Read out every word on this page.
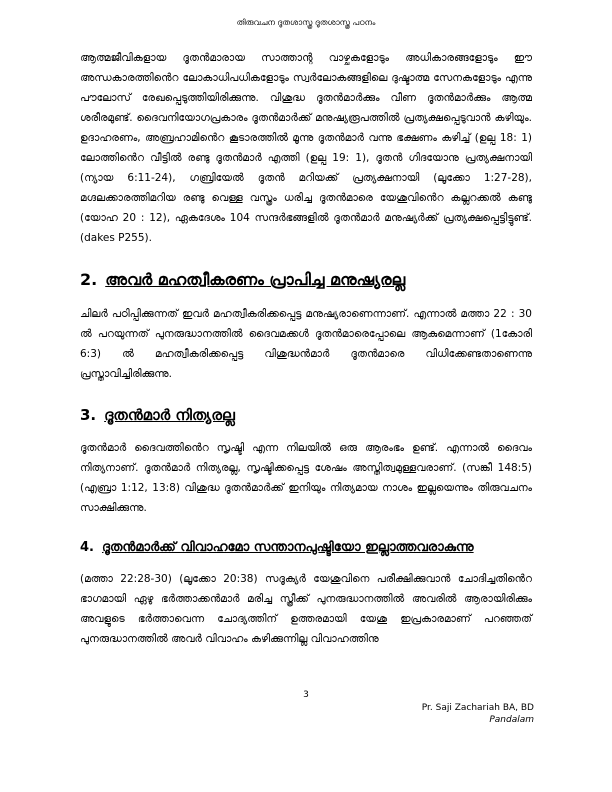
തിരുവചന ദൂതശാസ്ത്ര ദൂതശാസ്ത്ര പഠനം

ആത്മജീവികളായ ദൂതൻമാരായ സാത്താന്റ വാഴ്ചകളോടും അധികാരങ്ങളോടും ഈ അന്ധകാരത്തിൻെറ ലോകാധിപധികളോടും സ്വർലോകങ്ങളിലെ ദുഷ്ടാത്മ സേനകളോടും എന്നു പൗലോസ് രേഖപ്പെടുത്തിയിരിക്കുന്നു. വിശുദ്ധ ദൂതൻമാർക്കും വീണ ദൂതൻമാർക്കും ആത്മ ശരീരമുണ്ട്. ദൈവനിയോഗപ്രകാരം ദൂതൻമാർക്ക് മനുഷ്യരൂപത്തിൽ പ്രത്യക്ഷപ്പെടുവാൻ കഴിയും. ഉദാഹരണം, അബ്രഹാമിൻെറ കൂടാരത്തിൽ മൂന്നു ദൂതൻമാർ വന്നു ഭക്ഷണം കഴിച്ച് (ഉല്പ 18: 1) ലോത്തിൻെറ വീട്ടിൽ രണ്ടു ദൂതൻമാർ എത്തി (ഉല്പ 19: 1), ദൂതൻ ഗിദയോനു പ്രത്യക്ഷനായി (ന്യായ 6:11-24), ഗബ്രിയേൽ ദൂതൻ മറിയക്ക് പ്രത്യക്ഷനായി (ലൂക്കോ 1:27-28), മഗ്ദലക്കാരത്തിമറിയ രണ്ടു വെള്ള വസ്ത്രം ധരിച്ച ദൂതൻമാരെ യേശുവിൻെറ കല്ലറക്കൽ കണ്ടു (യോഹ 20 : 12), ഏകദേശം 104 സന്ദർഭങ്ങളിൽ ദൂതൻമാർ മനുഷ്യർക്ക് പ്രത്യക്ഷപ്പെട്ടിട്ടുണ്ട്. (dakes P255).

2. അവർ മഹത്വീകരണം പ്രാപിച്ച മനുഷ്യരല്ല

ചിലർ പഠിപ്പിക്കുന്നത് ഇവർ മഹത്വീകരിക്കപ്പെട്ട മനുഷ്യരാണെന്നാണ്. എന്നാൽ മത്താ 22 : 30 ൽ പറയുന്നത് പുനരുദ്ധാനത്തിൽ ദൈവമക്കൾ ദൂതൻമാരെപ്പോലെ ആകുമെന്നാണ് (1കോരി 6:3) ൽ മഹത്വീകരിക്കപ്പെട്ട വിശുദ്ധൻമാർ ദൂതൻമാരെ വിധിക്കേണ്ടതാണെന്നു പ്രസ്താവിച്ചിരിക്കുന്നു.

3. ദൂതൻമാർ നിത്യരല്ല

ദൂതൻമാർ ദൈവത്തിൻെറ സൃഷ്ടി എന്ന നിലയിൽ ഒരു ആരംഭം ഉണ്ട്. എന്നാൽ ദൈവം നിത്യനാണ്. ദൂതൻമാർ നിത്യരല്ല, സൃഷ്ടിക്കപ്പെട്ട ശേഷം അസ്തിത്വമുള്ളവരാണ്. (സങ്കീ 148:5) (എബ്രാ 1:12, 13:8) വിശുദ്ധ ദൂതൻമാർക്ക് ഇനിയും നിത്യമായ നാശം ഇല്ലയെന്നും തിരുവചനം സാക്ഷിക്കുന്നു.

4. ദൂതൻമാർക്ക് വിവാഹമോ സന്താനപുഷ്ടിയോ ഇല്ലാത്തവരാകുന്നു

(മത്താ 22:28-30) (ലൂക്കോ 20:38) സദൂക്യർ യേശുവിനെ പരീക്ഷിക്കുവാൻ ചോദിച്ചതിൻെറ ഭാഗമായി ഏഴു ഭർത്താക്കൻമാർ മരിച്ച സ്ത്രീക്ക് പുനരുദ്ധാനത്തിൽ അവരിൽ ആരായിരിക്കും അവളുടെ ഭർത്താവെന്ന ചോദ്യത്തിന് ഉത്തരമായി യേശു ഇപ്രകാരമാണ് പറഞ്ഞത് പുനരുദ്ധാനത്തിൽ അവർ വിവാഹം കഴിക്കുന്നില്ല വിവാഹത്തിനു

3
Pr. Saji Zachariah BA, BD
Pandalam
